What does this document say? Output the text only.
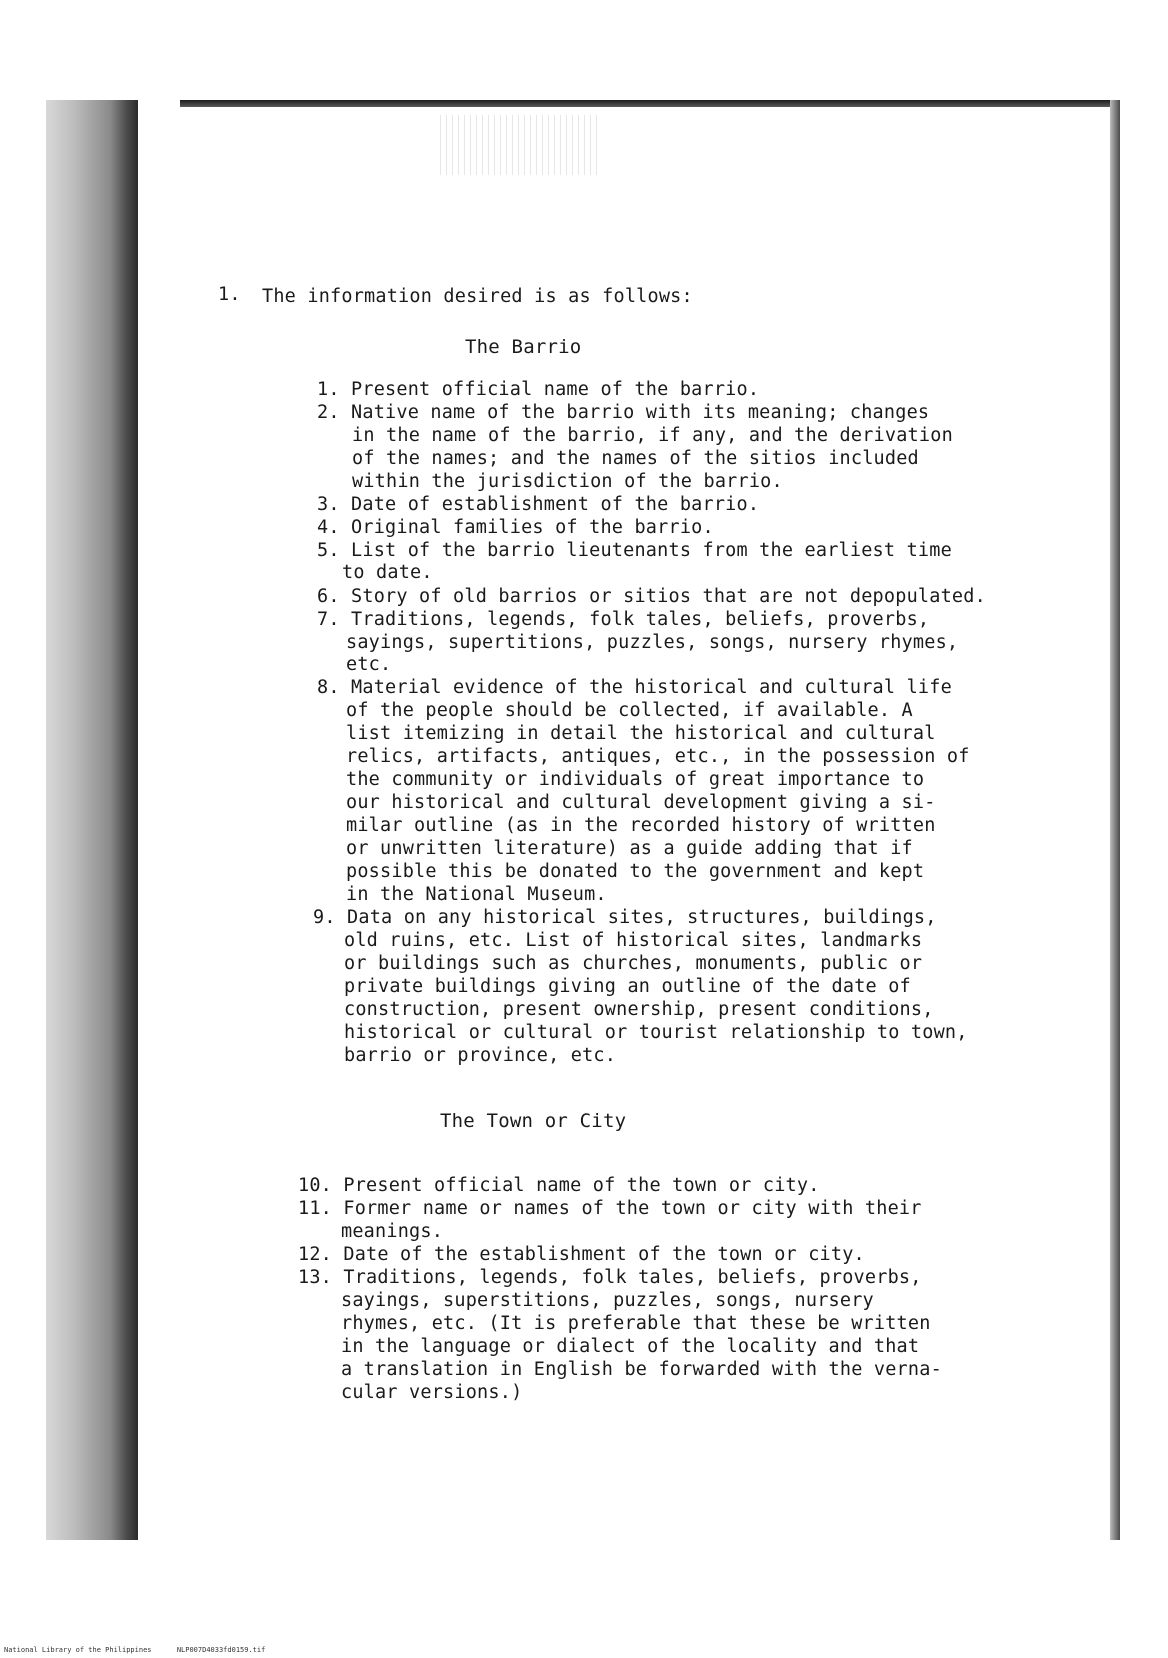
1. The information desired is as follows:
The Barrio
1. Present official name of the barrio.
2. Native name of the barrio with its meaning; changes
in the name of the barrio, if any, and the derivation
of the names; and the names of the sitios included
within the jurisdiction of the barrio.
3. Date of establishment of the barrio.
4. Original families of the barrio.
5. List of the barrio lieutenants from the earliest time
to date.
6. Story of old barrios or sitios that are not depopulated.
7. Traditions, legends, folk tales, beliefs, proverbs,
sayings, supertitions, puzzles, songs, nursery rhymes,
etc.
8. Material evidence of the historical and cultural life
of the people should be collected, if available. A
list itemizing in detail the historical and cultural
relics, artifacts, antiques, etc., in the possession of
the community or individuals of great importance to
our historical and cultural development giving a si-
milar outline (as in the recorded history of written
or unwritten literature) as a guide adding that if
possible this be donated to the government and kept
in the National Museum.
9. Data on any historical sites, structures, buildings,
old ruins, etc. List of historical sites, landmarks
or buildings such as churches, monuments, public or
private buildings giving an outline of the date of
construction, present ownership, present conditions,
historical or cultural or tourist relationship to town,
barrio or province, etc.
The Town or City
10. Present official name of the town or city.
11. Former name or names of the town or city with their
meanings.
12. Date of the establishment of the town or city.
13. Traditions, legends, folk tales, beliefs, proverbs,
sayings, superstitions, puzzles, songs, nursery
rhymes, etc. (It is preferable that these be written
in the language or dialect of the locality and that
a translation in English be forwarded with the verna-
cular versions.)
National Library of the Philippines	NLP007D4033fd0159.tif
